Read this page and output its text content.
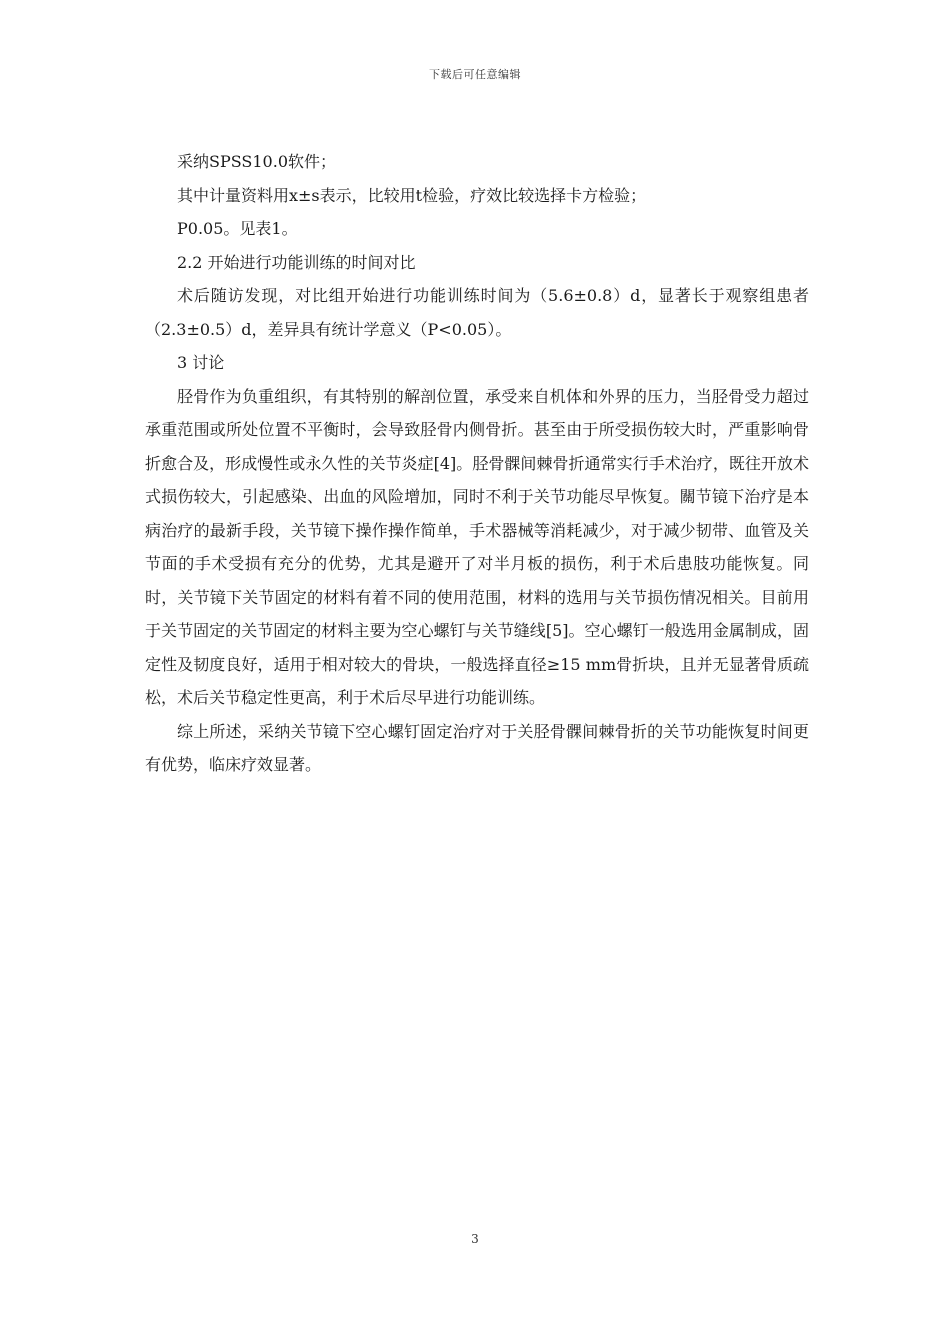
下载后可任意编辑

采纳SPSS10.0软件；

其中计量资料用x±s表示，比较用t检验，疗效比较选择卡方检验；

P0.05。见表1。

2.2 开始进行功能训练的时间对比

术后随访发现，对比组开始进行功能训练时间为（5.6±0.8）d，显著长于观察组患者（2.3±0.5）d，差异具有统计学意义（P<0.05）。

3 讨论

胫骨作为负重组织，有其特别的解剖位置，承受来自机体和外界的压力，当胫骨受力超过承重范围或所处位置不平衡时，会导致胫骨内侧骨折。甚至由于所受损伤较大时，严重影响骨折愈合及，形成慢性或永久性的关节炎症[4]。胫骨髁间棘骨折通常实行手术治疗，既往开放术式损伤较大，引起感染、出血的风险增加，同时不利于关节功能尽早恢复。關节镜下治疗是本病治疗的最新手段，关节镜下操作操作简单，手术器械等消耗减少，对于减少韧带、血管及关节面的手术受损有充分的优势，尤其是避开了对半月板的损伤，利于术后患肢功能恢复。同时，关节镜下关节固定的材料有着不同的使用范围，材料的选用与关节损伤情况相关。目前用于关节固定的关节固定的材料主要为空心螺钉与关节缝线[5]。空心螺钉一般选用金属制成，固定性及韧度良好，适用于相对较大的骨块，一般选择直径≥15 mm骨折块，且并无显著骨质疏松，术后关节稳定性更高，利于术后尽早进行功能训练。

综上所述，采纳关节镜下空心螺钉固定治疗对于关胫骨髁间棘骨折的关节功能恢复时间更有优势，临床疗效显著。

3
